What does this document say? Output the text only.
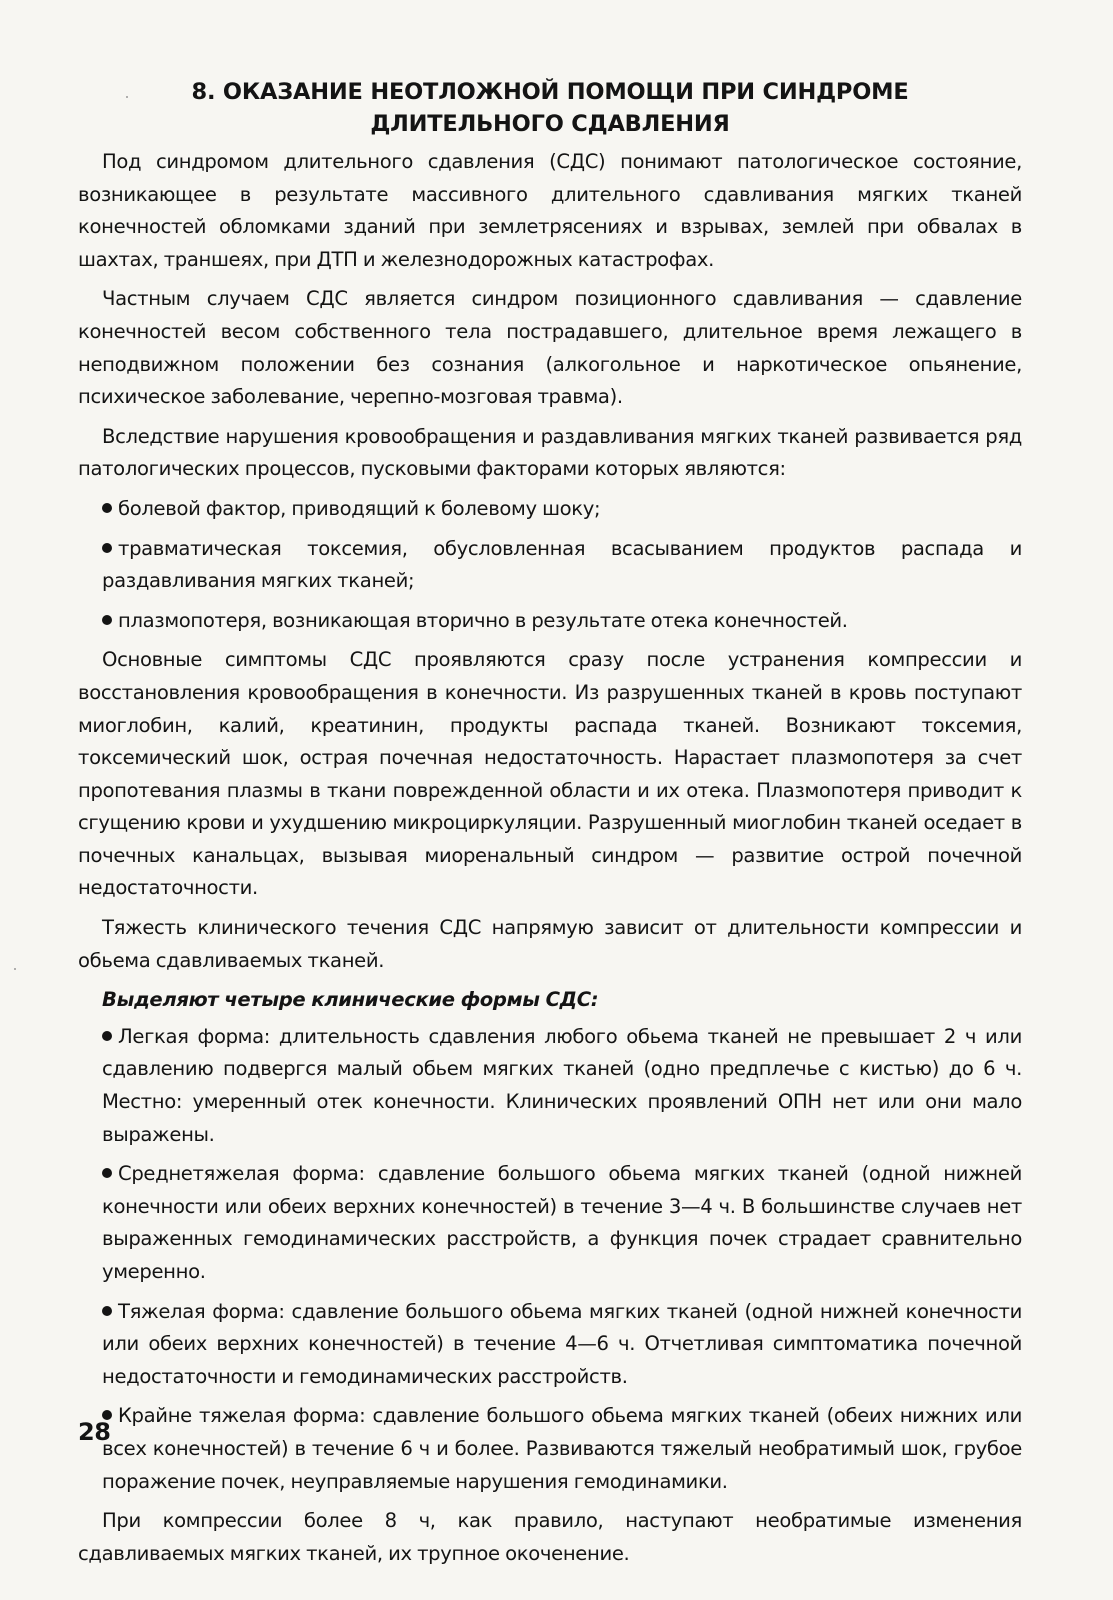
8. ОКАЗАНИЕ НЕОТЛОЖНОЙ ПОМОЩИ ПРИ СИНДРОМЕ
ДЛИТЕЛЬНОГО СДАВЛЕНИЯ

Под синдромом длительного сдавления (СДС) понимают патологическое состояние, возникающее в результате массивного длительного сдавливания мягких тканей конечностей обломками зданий при землетрясениях и взрывах, землей при обвалах в шахтах, траншеях, при ДТП и железнодорожных катастрофах.

Частным случаем СДС является синдром позиционного сдавливания — сдавление конечностей весом собственного тела пострадавшего, длительное время лежащего в неподвижном положении без сознания (алкогольное и наркотическое опьянение, психическое заболевание, черепно-мозговая травма).

Вследствие нарушения кровообращения и раздавливания мягких тканей развивается ряд патологических процессов, пусковыми факторами которых являются:

болевой фактор, приводящий к болевому шоку;

травматическая токсемия, обусловленная всасыванием продуктов распада и раздавливания мягких тканей;

плазмопотеря, возникающая вторично в результате отека конечностей.

Основные симптомы СДС проявляются сразу после устранения компрессии и восстановления кровообращения в конечности. Из разрушенных тканей в кровь поступают миоглобин, калий, креатинин, продукты распада тканей. Возникают токсемия, токсемический шок, острая почечная недостаточность. Нарастает плазмопотеря за счет пропотевания плазмы в ткани поврежденной области и их отека. Плазмопотеря приводит к сгущению крови и ухудшению микроциркуляции. Разрушенный миоглобин тканей оседает в почечных канальцах, вызывая миоренальный синдром — развитие острой почечной недостаточности.

Тяжесть клинического течения СДС напрямую зависит от длительности компрессии и обьема сдавливаемых тканей.

Выделяют четыре клинические формы СДС:

Легкая форма: длительность сдавления любого обьема тканей не превышает 2 ч или сдавлению подвергся малый обьем мягких тканей (одно предплечье с кистью) до 6 ч. Местно: умеренный отек конечности. Клинических проявлений ОПН нет или они мало выражены.

Среднетяжелая форма: сдавление большого обьема мягких тканей (одной нижней конечности или обеих верхних конечностей) в течение 3—4 ч. В большинстве случаев нет выраженных гемодинамических расстройств, а функция почек страдает сравнительно умеренно.

Тяжелая форма: сдавление большого обьема мягких тканей (одной нижней конечности или обеих верхних конечностей) в течение 4—6 ч. Отчетливая симптоматика почечной недостаточности и гемодинамических расстройств.

Крайне тяжелая форма: сдавление большого обьема мягких тканей (обеих нижних или всех конечностей) в течение 6 ч и более. Развиваются тяжелый необратимый шок, грубое поражение почек, неуправляемые нарушения гемодинамики.

При компрессии более 8 ч, как правило, наступают необратимые изменения сдавливаемых мягких тканей, их трупное окоченение.

28
